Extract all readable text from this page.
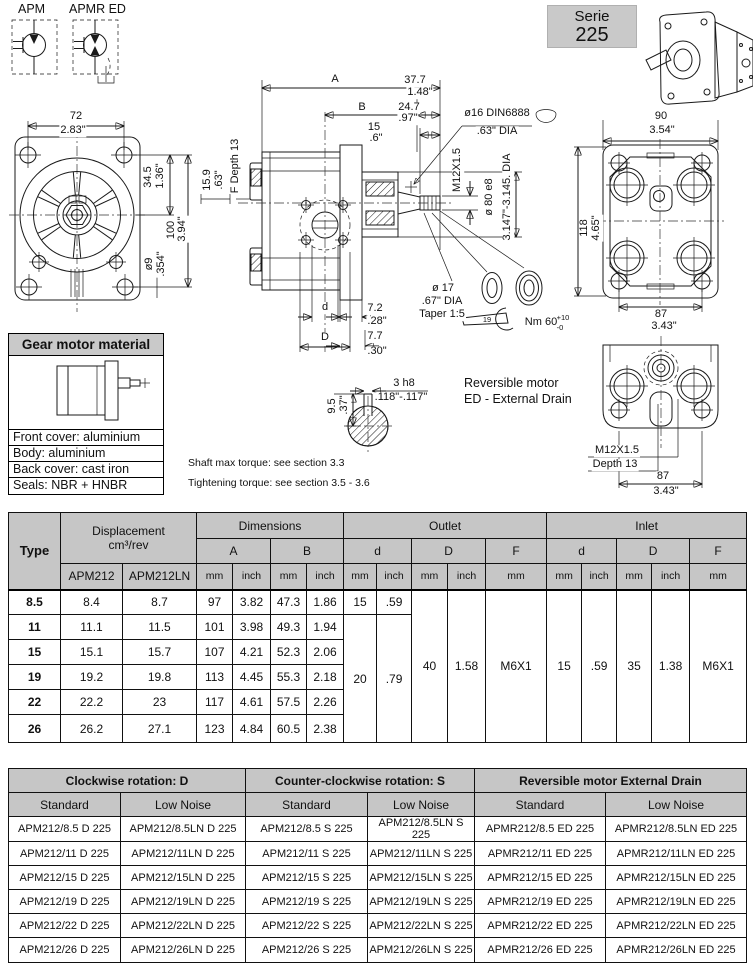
APM APMR ED	Serie
225
72
2.83"
34.5 1.36"
100 3.94"
ø9 .354"
15.9 .63" F Depth 13
A	37.7
1.48"
B	24.7
.97"
15
.6"
ø16 DIN6888
.63" DIA
M12X1.5
ø 80 e8 3.147"-3.145. DIA
d	7.2
.28"
D	7.7
.30"
ø 17
.67" DIA
Taper 1:5 19	Nm 60 +10
-0
3 h8
.118"-.117"
9.5 .37"
90
3.54"
118 4.65"
87
3.43"
M12X1.5
Depth 13
87
3.43"
Reversible motor
ED - External Drain
Gear motor material
Front cover: aluminium
Body: aluminium
Back cover: cast iron
Seals: NBR + HNBR
Shaft max torque: see section 3.3
Tightening torque: see section 3.5 - 3.6
Type	Displacement
cm³/rev		Dimensions				Outlet					Inlet				
			A		B		d		D		F	d		D		F
	APM212	APM212LN	mm	inch	mm	inch	mm	inch	mm	inch	mm	mm	inch	mm	inch	mm
8.5	8.4	8.7	97	3.82	47.3	1.86	15	.59	40	1.58	M6X1	15	.59	35	1.38	M6X1
11	11.1	11.5	101	3.98	49.3	1.94	20	.79								
15	15.1	15.7	107	4.21	52.3	2.06										
19	19.2	19.8	113	4.45	55.3	2.18										
22	22.2	23	117	4.61	57.5	2.26										
26	26.2	27.1	123	4.84	60.5	2.38										
Clockwise rotation: D		Counter-clockwise rotation: S		Reversible motor External Drain	
Standard	Low Noise	Standard	Low Noise	Standard	Low Noise
APM212/8.5 D 225	APM212/8.5LN D 225	APM212/8.5 S 225	APM212/8.5LN S 225	APMR212/8.5 ED 225	APMR212/8.5LN ED 225
APM212/11 D 225	APM212/11LN D 225	APM212/11 S 225	APM212/11LN S 225	APMR212/11 ED 225	APMR212/11LN ED 225
APM212/15 D 225	APM212/15LN D 225	APM212/15 S 225	APM212/15LN S 225	APMR212/15 ED 225	APMR212/15LN ED 225
APM212/19 D 225	APM212/19LN D 225	APM212/19 S 225	APM212/19LN S 225	APMR212/19 ED 225	APMR212/19LN ED 225
APM212/22 D 225	APM212/22LN D 225	APM212/22 S 225	APM212/22LN S 225	APMR212/22 ED 225	APMR212/22LN ED 225
APM212/26 D 225	APM212/26LN D 225	APM212/26 S 225	APM212/26LN S 225	APMR212/26 ED 225	APMR212/26LN ED 225
